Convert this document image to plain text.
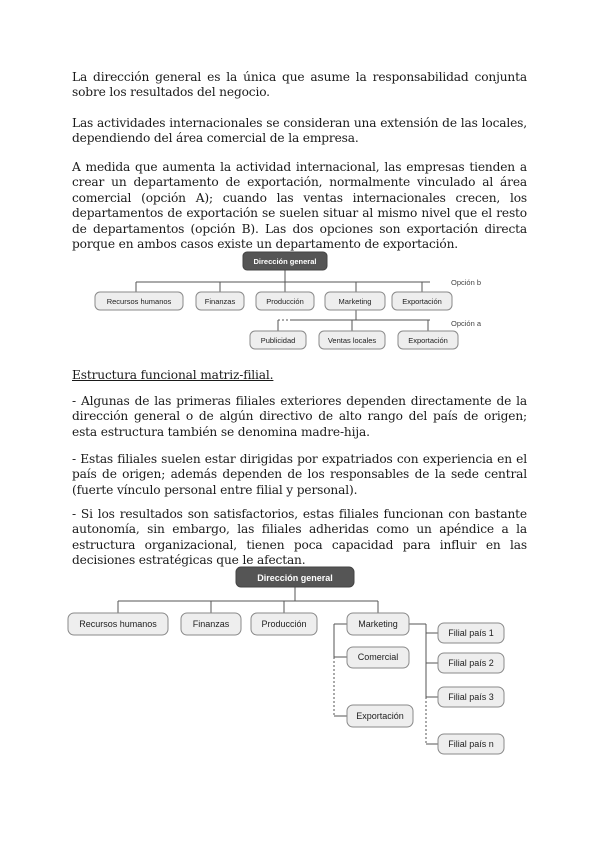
La dirección general es la única que asume la responsabilidad conjunta sobre los resultados del negocio.

Las actividades internacionales se consideran una extensión de las locales, dependiendo del área comercial de la empresa.

A medida que aumenta la actividad internacional, las empresas tienden a crear un departamento de exportación, normalmente vinculado al área comercial (opción A); cuando las ventas internacionales crecen, los departamentos de exportación se suelen situar al mismo nivel que el resto de departamentos (opción B). Las dos opciones son exportación directa porque en ambos casos existe un departamento de exportación.

Dirección general
Opción b
Opción a
Recursos humanos	Finanzas	Producción	Marketing	Exportación
Publicidad	Ventas locales	Exportación
Dirección general
Recursos humanos	Finanzas	Producción	Marketing
Comercial
Exportación
Filial país 1
Filial país 2
Filial país 3
Filial país n

Estructura funcional matriz-filial.

- Algunas de las primeras filiales exteriores dependen directamente de la dirección general o de algún directivo de alto rango del país de origen; esta estructura también se denomina madre-hija.

- Estas filiales suelen estar dirigidas por expatriados con experiencia en el país de origen; además dependen de los responsables de la sede central (fuerte vínculo personal entre filial y personal).

- Si los resultados son satisfactorios, estas filiales funcionan con bastante autonomía, sin embargo, las filiales adheridas como un apéndice a la estructura organizacional, tienen poca capacidad para influir en las decisiones estratégicas que le afectan.
